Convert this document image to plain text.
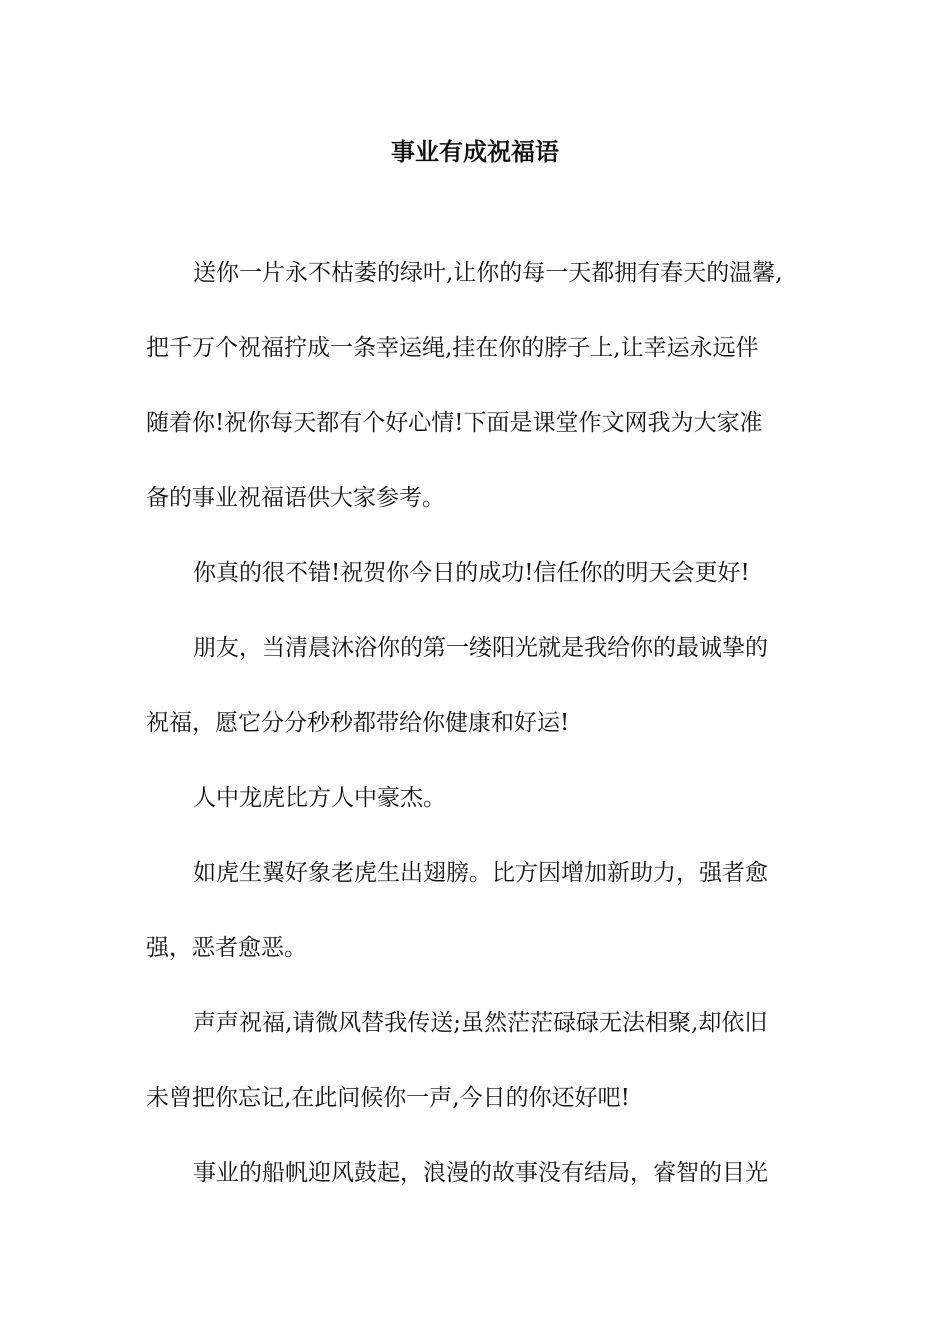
事业有成祝福语
送你一片永不枯萎的绿叶,让你的每一天都拥有春天的温馨,
把千万个祝福拧成一条幸运绳,挂在你的脖子上,让幸运永远伴
随着你!祝你每天都有个好心情!下面是课堂作文网我为大家准
备的事业祝福语供大家参考。
你真的很不错!祝贺你今日的成功!信任你的明天会更好!
朋友，当清晨沐浴你的第一缕阳光就是我给你的最诚挚的
祝福，愿它分分秒秒都带给你健康和好运!
人中龙虎比方人中豪杰。
如虎生翼好象老虎生出翅膀。比方因增加新助力，强者愈
强，恶者愈恶。
声声祝福,请微风替我传送;虽然茫茫碌碌无法相聚,却依旧
未曾把你忘记,在此问候你一声,今日的你还好吧!
事业的船帆迎风鼓起，浪漫的故事没有结局，睿智的目光
